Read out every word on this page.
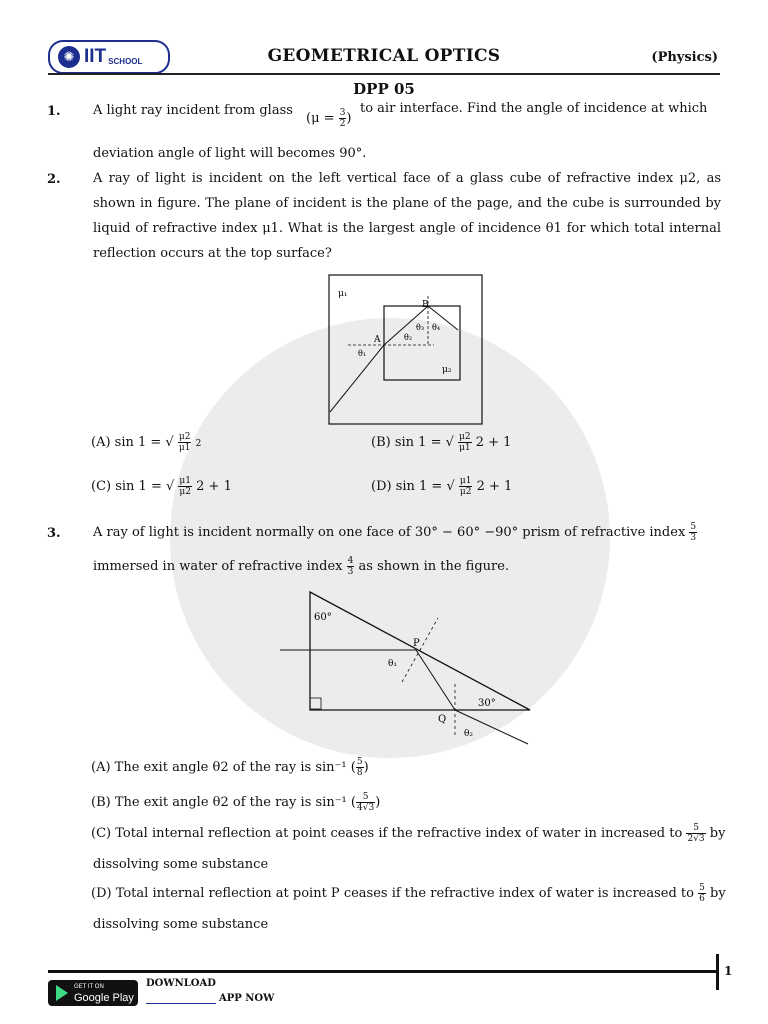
✺ IIT SCHOOL	GEOMETRICAL OPTICS	(Physics)
DPP 05
1. A light ray incident from glass
($\mu = \frac{3}{2}$ )
to air interface. Find the angle of incidence at which
deviation angle of light will becomes 90°.
2. A ray of light is incident on the left vertical face of a glass cube of refractive index μ2, as shown in figure. The plane of incident is the plane of the page, and the cube is surrounded by liquid of refractive index μ1. What is the largest angle of incidence θ1 for which total internal reflection occurs at the top surface?
μ₁
μ₂
A
B
θ₁
θ₂
θ₃ θ₄
(A) sin 1 = √ $\frac{\mu 2}{\mu 1} 2$	(B) sin 1 = √ $\frac{\mu 2}{\mu 1} 2 + 1$
(C) sin 1 = √ $\frac{\mu 1}{\mu 2} 2 + 1$	(D) sin 1 = √ $\frac{\mu 1}{\mu 2} 2 + 1$
3. A ray of light is incident normally on one face of 30° − 60° −90° prism of refractive index $\frac{5}{3}$
immersed in water of refractive index $\frac{4}{3}$ as shown in the figure.
60°
30°
P
Q
θ₁
θ₂
(A) The exit angle θ2 of the ray is sin⁻¹ ( $\frac{5}{8}$ )
(B) The exit angle θ2 of the ray is sin⁻¹ ( $\frac{5}{4√3}$ )
(C) Total internal reflection at point ceases if the refractive index of water in increased to $\frac{5}{2√3}$ by
dissolving some substance
(D) Total internal reflection at point P ceases if the refractive index of water is increased to $\frac{5}{6}$ by
dissolving some substance
1
GET IT ON
Google Play
DOWNLOAD
APP NOW
